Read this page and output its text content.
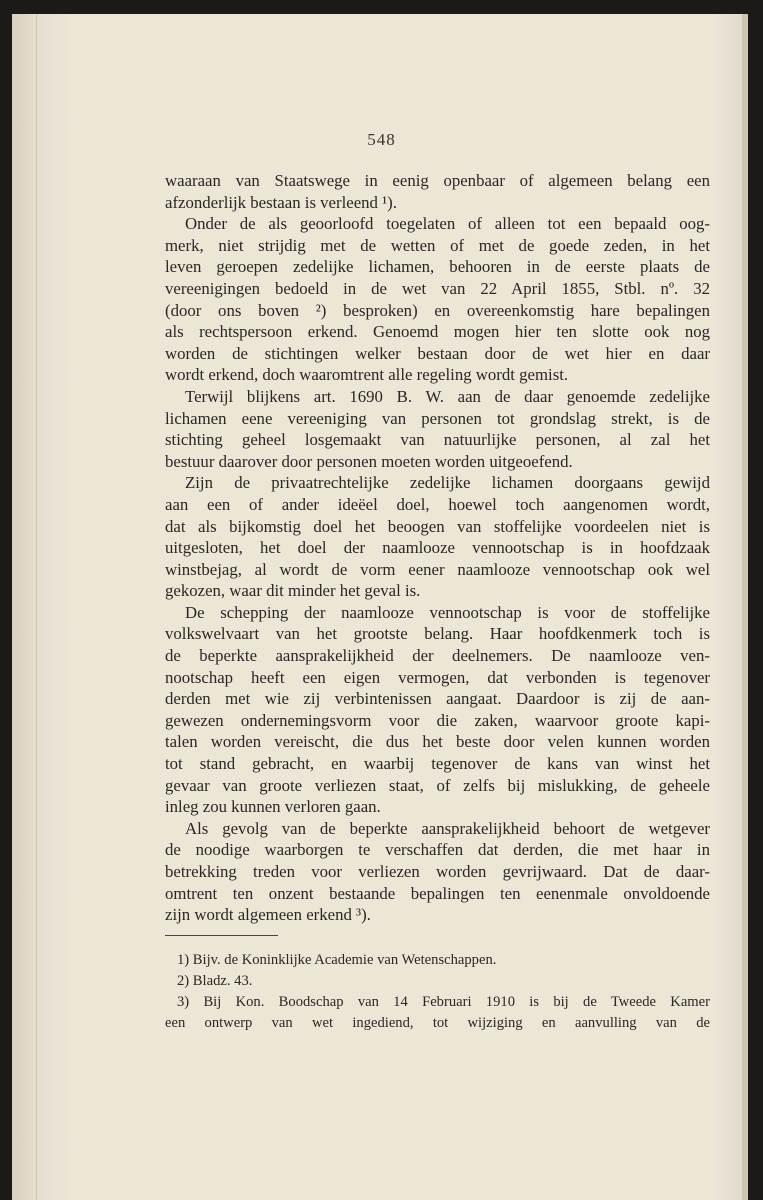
548
waaraan van Staatswege in eenig openbaar of algemeen belang een
afzonderlijk bestaan is verleend ¹).
Onder de als geoorloofd toegelaten of alleen tot een bepaald oog-
merk, niet strijdig met de wetten of met de goede zeden, in het
leven geroepen zedelijke lichamen, behooren in de eerste plaats de
vereenigingen bedoeld in de wet van 22 April 1855, Stbl. nº. 32
(door ons boven ²) besproken) en overeenkomstig hare bepalingen
als rechtspersoon erkend. Genoemd mogen hier ten slotte ook nog
worden de stichtingen welker bestaan door de wet hier en daar
wordt erkend, doch waaromtrent alle regeling wordt gemist.
Terwijl blijkens art. 1690 B. W. aan de daar genoemde zedelijke
lichamen eene vereeniging van personen tot grondslag strekt, is de
stichting geheel losgemaakt van natuurlijke personen, al zal het
bestuur daarover door personen moeten worden uitgeoefend.
Zijn de privaatrechtelijke zedelijke lichamen doorgaans gewijd
aan een of ander ideëel doel, hoewel toch aangenomen wordt,
dat als bijkomstig doel het beoogen van stoffelijke voordeelen niet is
uitgesloten, het doel der naamlooze vennootschap is in hoofdzaak
winstbejag, al wordt de vorm eener naamlooze vennootschap ook wel
gekozen, waar dit minder het geval is.
De schepping der naamlooze vennootschap is voor de stoffelijke
volkswelvaart van het grootste belang. Haar hoofdkenmerk toch is
de beperkte aansprakelijkheid der deelnemers. De naamlooze ven-
nootschap heeft een eigen vermogen, dat verbonden is tegenover
derden met wie zij verbintenissen aangaat. Daardoor is zij de aan-
gewezen ondernemingsvorm voor die zaken, waarvoor groote kapi-
talen worden vereischt, die dus het beste door velen kunnen worden
tot stand gebracht, en waarbij tegenover de kans van winst het
gevaar van groote verliezen staat, of zelfs bij mislukking, de geheele
inleg zou kunnen verloren gaan.
Als gevolg van de beperkte aansprakelijkheid behoort de wetgever
de noodige waarborgen te verschaffen dat derden, die met haar in
betrekking treden voor verliezen worden gevrijwaard. Dat de daar-
omtrent ten onzent bestaande bepalingen ten eenenmale onvoldoende
zijn wordt algemeen erkend ³).
1) Bijv. de Koninklijke Academie van Wetenschappen.
2) Bladz. 43.
3) Bij Kon. Boodschap van 14 Februari 1910 is bij de Tweede Kamer
een ontwerp van wet ingediend, tot wijziging en aanvulling van de
